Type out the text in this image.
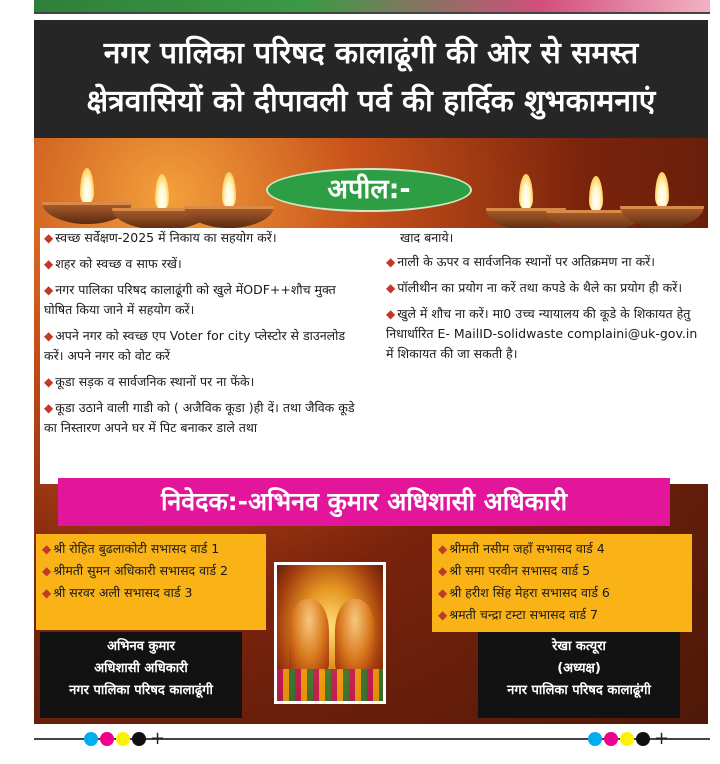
नगर पालिका परिषद कालाढूंगी की ओर से समस्त
क्षेत्रवासियों को दीपावली पर्व की हार्दिक शुभकामनाएं
अपील:-
◆ स्वच्छ सर्वेक्षण-2025 में निकाय का सहयोग करें।
◆ शहर को स्वच्छ व साफ रखें।
◆ नगर पालिका परिषद कालाढूंगी को खुले मेंODF++शौच मुक्त घोषित किया जाने में सहयोग करें।
◆ अपने नगर को स्वच्छ एप Voter for city प्लेस्टोर से डाउनलोड करें। अपने नगर को वोट करें
◆ कूडा सड़क व सार्वजनिक स्थानों पर ना फेंके।
◆ कूडा उठाने वाली गाडी को ( अजैविक कूडा )ही दें। तथा जैविक कूडे का निस्तारण अपने घर में पिट बनाकर डाले तथा
खाद बनाये।
◆ नाली के ऊपर व सार्वजनिक स्थानों पर अतिक्रमण ना करें।
◆ पॉलीथीन का प्रयोग ना करें तथा कपडे के थैले का प्रयोग ही करें।
◆ खुले में शौच ना करें। मा0 उच्च न्यायालय की कूडे के शिकायत हेतु निधार्धारित E- MailID-solidwaste complaini@uk-gov.in में शिकायत की जा सकती है।
निवेदक:-अभिनव कुमार अधिशासी अधिकारी
◆ श्री रोहित बुढलाकोटी सभासद वार्ड 1
◆ श्रीमती सुमन अधिकारी सभासद वार्ड 2
◆ श्री सरवर अली सभासद वार्ड 3
◆ श्रीमती नसीम जहाँ सभासद वार्ड 4
◆ श्री समा परवीन सभासद वार्ड 5
◆ श्री हरीश सिंह मेहरा सभासद वार्ड 6
◆ श्रमती चन्द्रा टम्टा सभासद वार्ड 7
अभिनव कुमार
अधिशासी अधिकारी
नगर पालिका परिषद कालाढूंगी
रेखा कत्यूरा
(अध्यक्ष)
नगर पालिका परिषद कालाढूंगी
+	+
